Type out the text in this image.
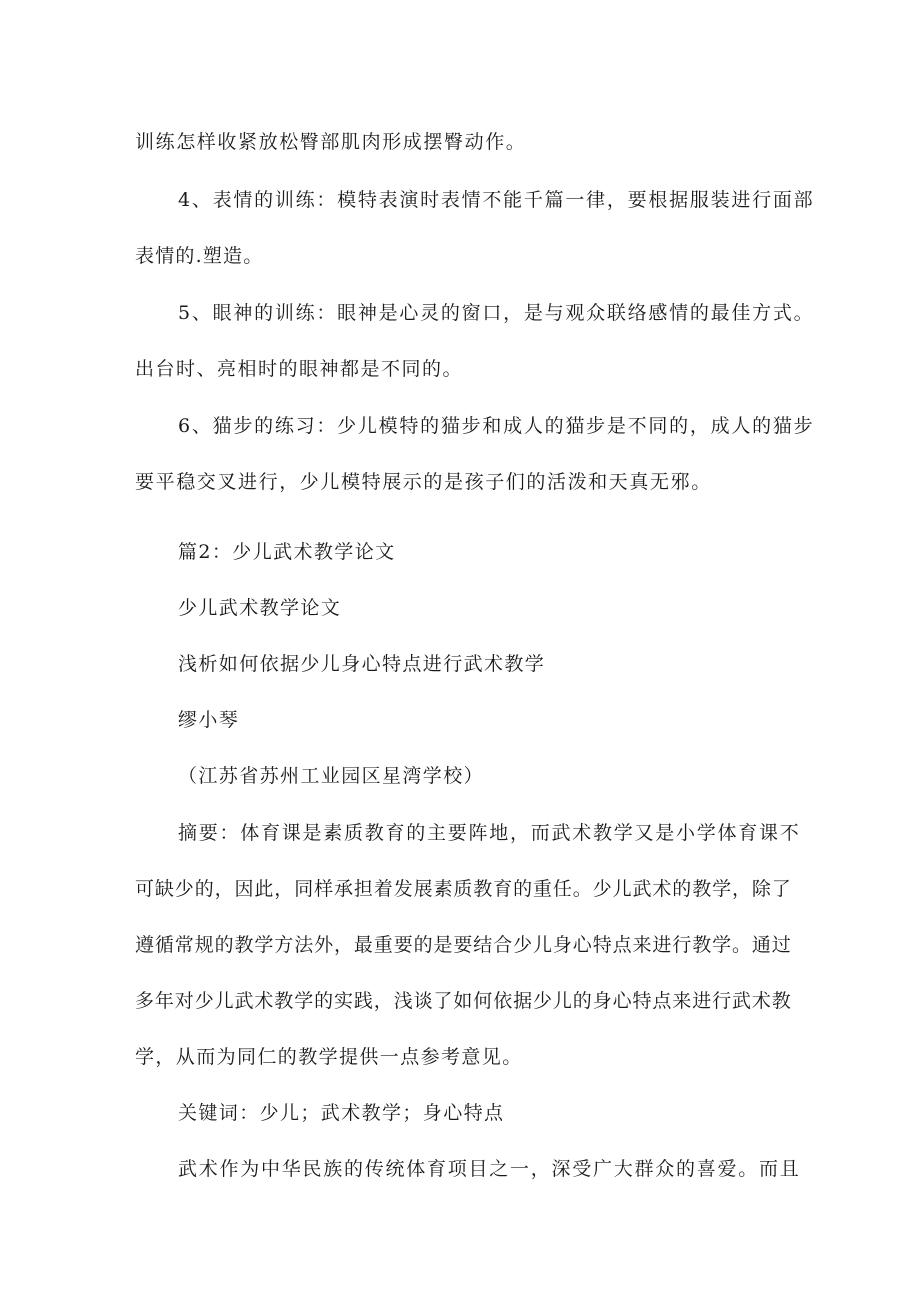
训练怎样收紧放松臀部肌肉形成摆臀动作。
4、表情的训练：模特表演时表情不能千篇一律，要根据服装进行面部
表情的.塑造。
5、眼神的训练：眼神是心灵的窗口，是与观众联络感情的最佳方式。
出台时、亮相时的眼神都是不同的。
6、猫步的练习：少儿模特的猫步和成人的猫步是不同的，成人的猫步
要平稳交叉进行，少儿模特展示的是孩子们的活泼和天真无邪。
篇2：少儿武术教学论文
少儿武术教学论文
浅析如何依据少儿身心特点进行武术教学
缪小琴
（江苏省苏州工业园区星湾学校）
摘要：体育课是素质教育的主要阵地，而武术教学又是小学体育课不
可缺少的，因此，同样承担着发展素质教育的重任。少儿武术的教学，除了
遵循常规的教学方法外，最重要的是要结合少儿身心特点来进行教学。通过
多年对少儿武术教学的实践，浅谈了如何依据少儿的身心特点来进行武术教
学，从而为同仁的教学提供一点参考意见。
关键词：少儿；武术教学；身心特点
武术作为中华民族的传统体育项目之一，深受广大群众的喜爱。而且
